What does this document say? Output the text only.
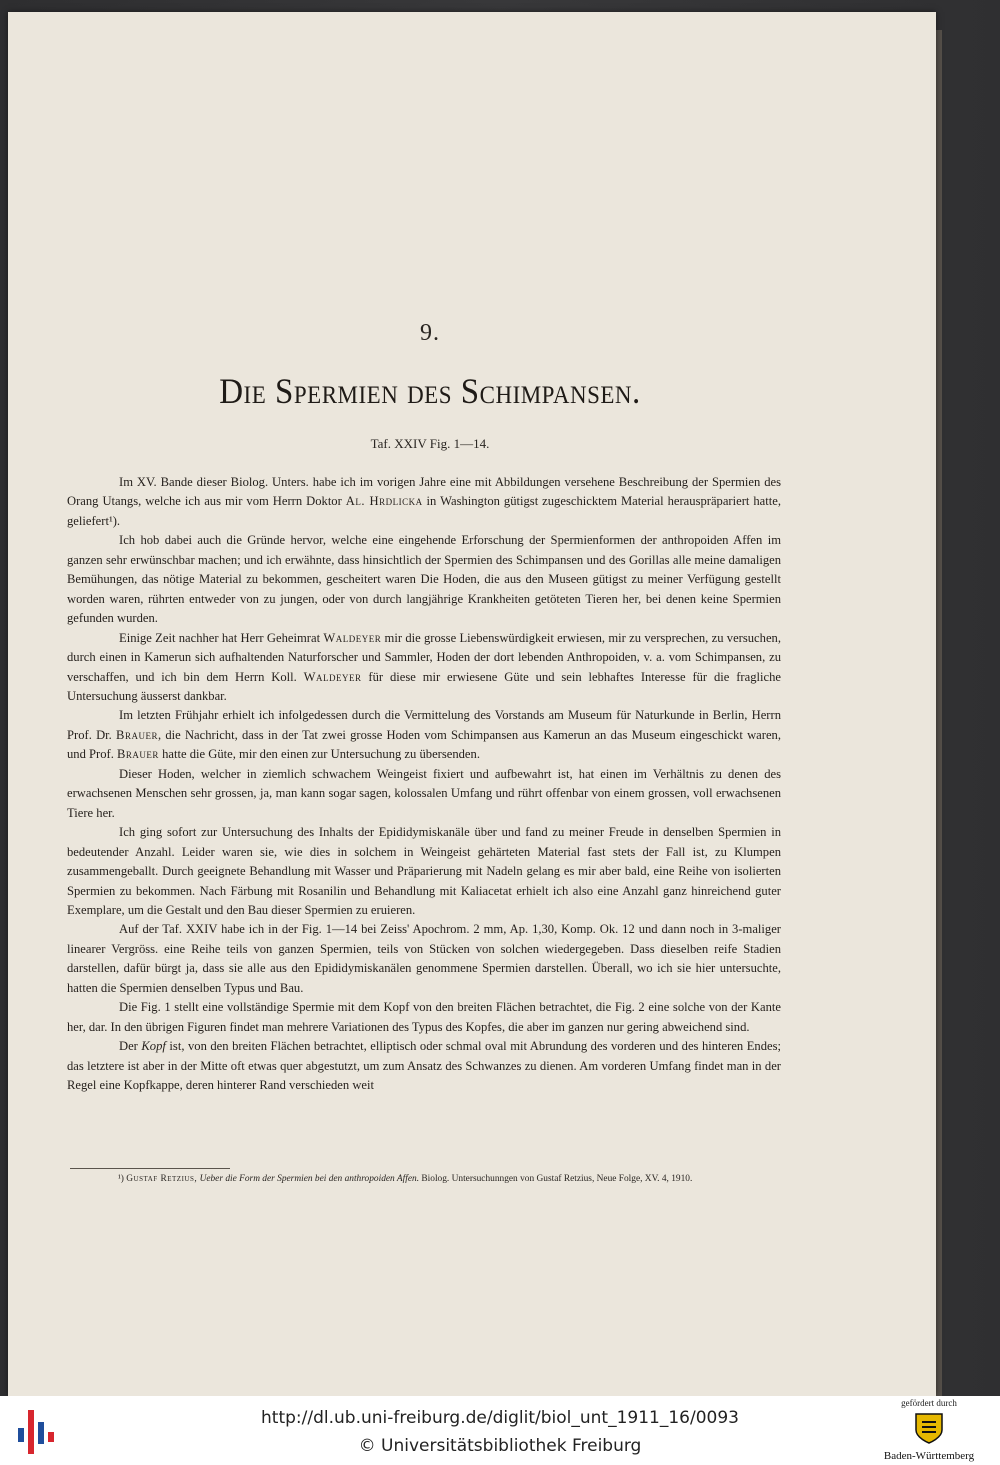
9.
Die Spermien des Schimpansen.
Taf. XXIV Fig. 1—14.

Im XV. Bande dieser Biolog. Unters. habe ich im vorigen Jahre eine mit Abbildungen versehene Beschreibung der Spermien des Orang Utangs, welche ich aus mir vom Herrn Doktor Al. Hrdlicka in Washington gütigst zugeschicktem Material herauspräpariert hatte, geliefert¹).

Ich hob dabei auch die Gründe hervor, welche eine eingehende Erforschung der Spermienformen der anthropoiden Affen im ganzen sehr erwünschbar machen; und ich erwähnte, dass hinsichtlich der Spermien des Schimpansen und des Gorillas alle meine damaligen Bemühungen, das nötige Material zu bekommen, gescheitert waren Die Hoden, die aus den Museen gütigst zu meiner Verfügung gestellt worden waren, rührten entweder von zu jungen, oder von durch langjährige Krankheiten getöteten Tieren her, bei denen keine Spermien gefunden wurden.

Einige Zeit nachher hat Herr Geheimrat Waldeyer mir die grosse Liebenswürdigkeit erwiesen, mir zu versprechen, zu versuchen, durch einen in Kamerun sich aufhaltenden Naturforscher und Sammler, Hoden der dort lebenden Anthropoiden, v. a. vom Schimpansen, zu verschaffen, und ich bin dem Herrn Koll. Waldeyer für diese mir erwiesene Güte und sein lebhaftes Interesse für die fragliche Untersuchung äusserst dankbar.

Im letzten Frühjahr erhielt ich infolgedessen durch die Vermittelung des Vorstands am Museum für Naturkunde in Berlin, Herrn Prof. Dr. Brauer, die Nachricht, dass in der Tat zwei grosse Hoden vom Schimpansen aus Kamerun an das Museum eingeschickt waren, und Prof. Brauer hatte die Güte, mir den einen zur Untersuchung zu übersenden.

Dieser Hoden, welcher in ziemlich schwachem Weingeist fixiert und aufbewahrt ist, hat einen im Verhältnis zu denen des erwachsenen Menschen sehr grossen, ja, man kann sogar sagen, kolossalen Umfang und rührt offenbar von einem grossen, voll erwachsenen Tiere her.

Ich ging sofort zur Untersuchung des Inhalts der Epididymiskanäle über und fand zu meiner Freude in denselben Spermien in bedeutender Anzahl. Leider waren sie, wie dies in solchem in Weingeist gehärteten Material fast stets der Fall ist, zu Klumpen zusammengeballt. Durch geeignete Behandlung mit Wasser und Präparierung mit Nadeln gelang es mir aber bald, eine Reihe von isolierten Spermien zu bekommen. Nach Färbung mit Rosanilin und Behandlung mit Kaliacetat erhielt ich also eine Anzahl ganz hinreichend guter Exemplare, um die Gestalt und den Bau dieser Spermien zu eruieren.

Auf der Taf. XXIV habe ich in der Fig. 1—14 bei Zeiss' Apochrom. 2 mm, Ap. 1,30, Komp. Ok. 12 und dann noch in 3-maliger linearer Vergröss. eine Reihe teils von ganzen Spermien, teils von Stücken von solchen wiedergegeben. Dass dieselben reife Stadien darstellen, dafür bürgt ja, dass sie alle aus den Epididymiskanälen genommene Spermien darstellen. Überall, wo ich sie hier untersuchte, hatten die Spermien denselben Typus und Bau.

Die Fig. 1 stellt eine vollständige Spermie mit dem Kopf von den breiten Flächen betrachtet, die Fig. 2 eine solche von der Kante her, dar. In den übrigen Figuren findet man mehrere Variationen des Typus des Kopfes, die aber im ganzen nur gering abweichend sind.

Der Kopf ist, von den breiten Flächen betrachtet, elliptisch oder schmal oval mit Abrundung des vorderen und des hinteren Endes; das letztere ist aber in der Mitte oft etwas quer abgestutzt, um zum Ansatz des Schwanzes zu dienen. Am vorderen Umfang findet man in der Regel eine Kopfkappe, deren hinterer Rand verschieden weit

¹) Gustaf Retzius, Ueber die Form der Spermien bei den anthropoiden Affen. Biolog. Untersuchunngen von Gustaf Retzius, Neue Folge, XV. 4, 1910.
http://dl.ub.uni-freiburg.de/diglit/biol_unt_1911_16/0093
© Universitätsbibliothek Freiburg
gefördert durch
Baden-Württemberg
